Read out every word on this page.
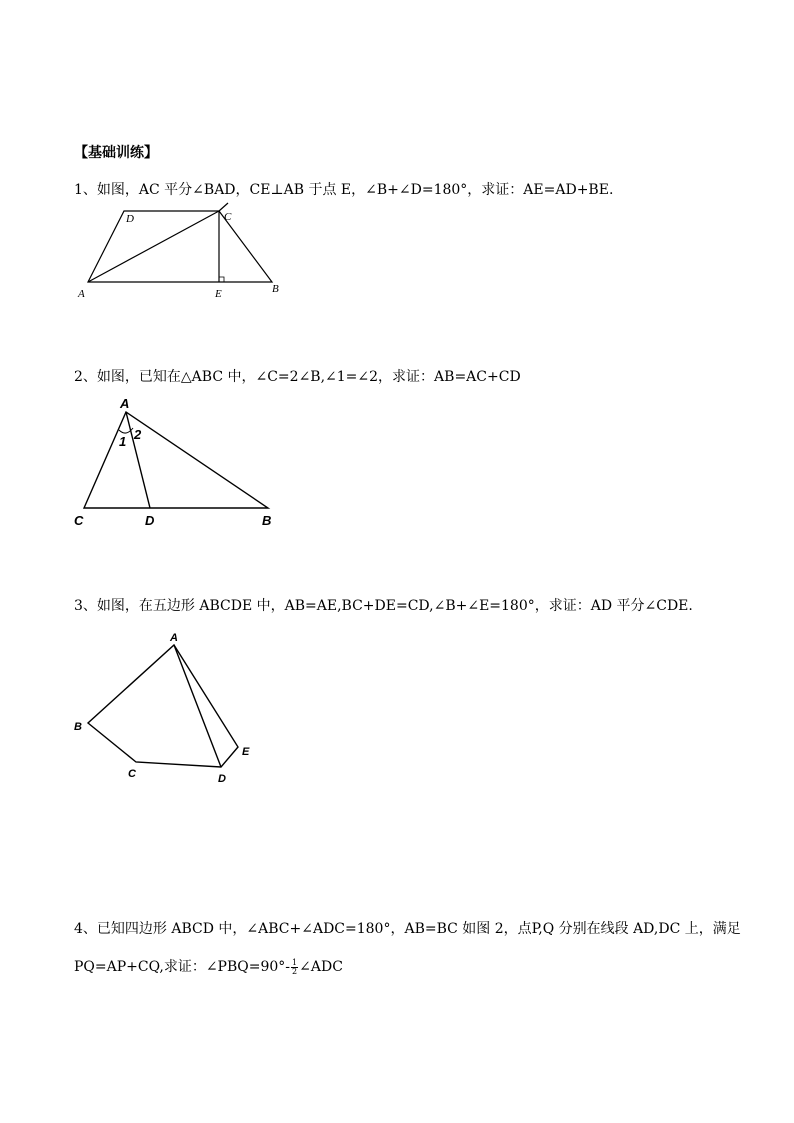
【基础训练】
1、如图，AC 平分∠BAD，CE⊥AB 于点 E，∠B+∠D=180°，求证：AE=AD+BE.
A	B
C
D
E
A
C	D	B
1 2
A
B
C	D
E
2、如图，已知在△ABC 中，∠C=2∠B,∠1=∠2，求证：AB=AC+CD
3、如图，在五边形 ABCDE 中，AB=AE,BC+DE=CD,∠B+∠E=180°，求证：AD 平分∠CDE.
4、已知四边形 ABCD 中，∠ABC+∠ADC=180°，AB=BC 如图 2，点P,Q 分别在线段 AD,DC 上，满足
PQ=AP+CQ,求证：∠PBQ=90°- $\frac{1}{2}$ ∠ADC
